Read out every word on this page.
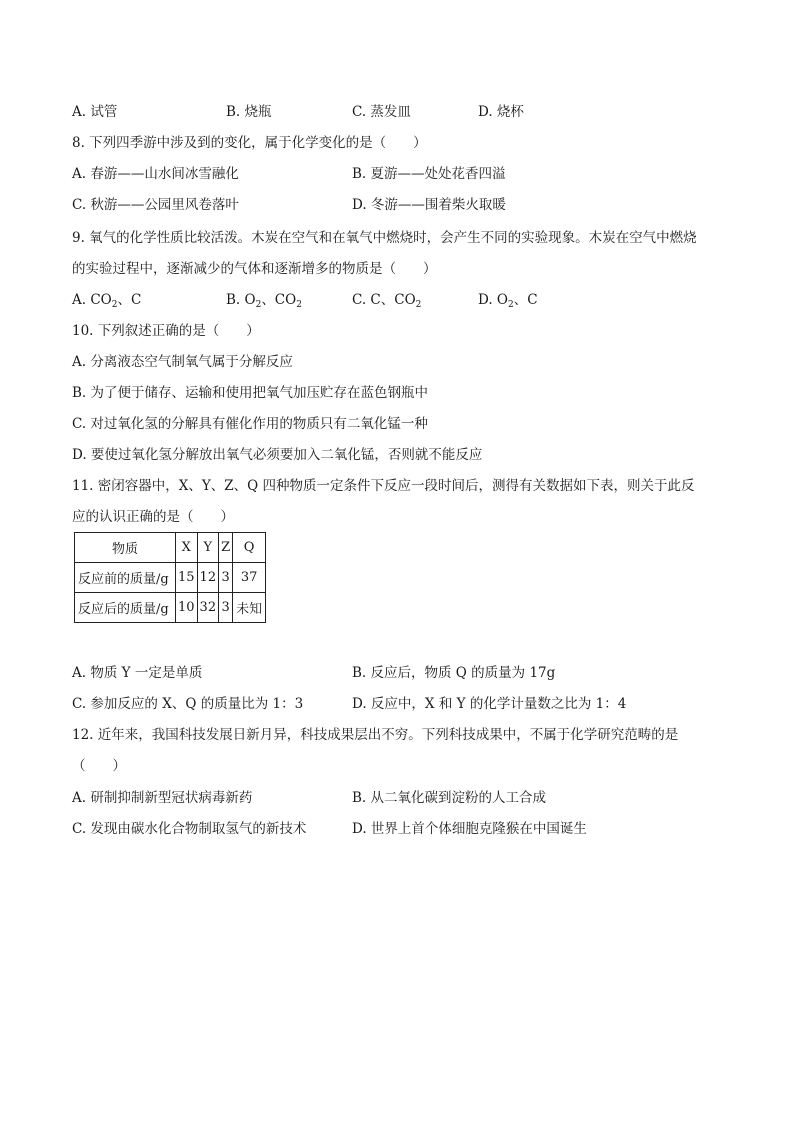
A. 试管	B. 烧瓶	C. 蒸发皿	D. 烧杯
8. 下列四季游中涉及到的变化，属于化学变化的是（　　）
A. 春游——山水间冰雪融化	B. 夏游——处处花香四溢
C. 秋游——公园里风卷落叶	D. 冬游——围着柴火取暖
9. 氧气的化学性质比较活泼。木炭在空气和在氧气中燃烧时，会产生不同的实验现象。木炭在空气中燃烧
的实验过程中，逐渐减少的气体和逐渐增多的物质是（　　）
A. $CO_2$、C	B. $O_2$、$CO_2$	C. C、$CO_2$	D. $O_2$、C
10. 下列叙述正确的是（　　）
A. 分离液态空气制氧气属于分解反应
B. 为了便于储存、运输和使用把氧气加压贮存在蓝色钢瓶中
C. 对过氧化氢的分解具有催化作用的物质只有二氧化锰一种
D. 要使过氧化氢分解放出氧气必须要加入二氧化锰，否则就不能反应
11. 密闭容器中，X、Y、Z、Q 四种物质一定条件下反应一段时间后，测得有关数据如下表，则关于此反
应的认识正确的是（　　）
物质	X	Y	Z	Q
反应前的质量/g	15	12	3	37
反应后的质量/g	10	32	3	未知
A. 物质 Y 一定是单质	B. 反应后，物质 Q 的质量为 17g
C. 参加反应的 X、Q 的质量比为 1：3	D. 反应中，X 和 Y 的化学计量数之比为 1：4
12. 近年来，我国科技发展日新月异，科技成果层出不穷。下列科技成果中，不属于化学研究范畴的是
（　　）
A. 研制抑制新型冠状病毒新药	B. 从二氧化碳到淀粉的人工合成
C. 发现由碳水化合物制取氢气的新技术	D. 世界上首个体细胞克隆猴在中国诞生
